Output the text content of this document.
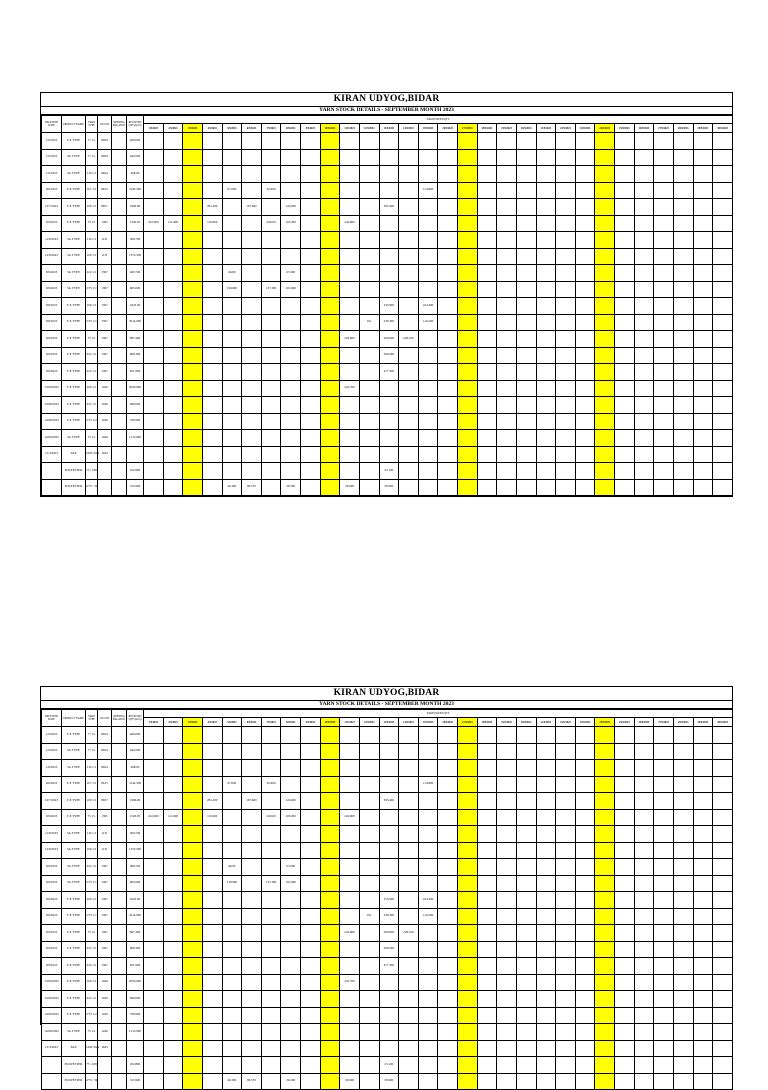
KIRAN UDYOG,BIDAR
YARN STOCK DETAILS - SEPTEMBER MONTH 2023
RECEIVED DATE	PRODUCT NAME	YARN TYPE	LOT NO	OPENING BALANCE	RECEIVED QTY (KGS)	YARN ISSUED QTY																													
						1/9/2023	2/9/2023	3/9/2023	4/9/2023	5/9/2023	6/9/2023	7/9/2023	8/9/2023	9/9/2023	10/9/2023	11/9/2023	12/9/2023	13/9/2023	14/9/2023	15/9/2023	16/9/2023	17/9/2023	18/9/2023	19/9/2023	20/9/2023	21/9/2023	22/9/2023	23/9/2023	24/9/2023	25/9/2023	26/9/2023	27/9/2023	28/9/2023	29/9/2023	30/9/2023
1/6/2023	F-E TYPE	77 1/1	8024		409.000																														
1/6/2023	SG TYPE	77 1/1	8024		442.000																														
1/6/2023	SG TYPE	116 1/1	8024		408.00																														
9/6/2023	F-E TYPE	107 1/1	8615		3142.500					97.000		56.900								114.800															
10/7/2023	F-E TYPE	100 1/1	8657		1996.00				281.200		197.600		122.600					395.400																	
9/9/2023	F-E TYPE	75 1/1	1395		1520.05	222.900	111.900		119.900			269.00	103.200			224.900																			
11/8/2023	SG TYPE	116 1/1	1131		500.700																														
12/8/2023	SG TYPE	100 1/1	1131		1372.500																														
9/9/2023	SG TYPE	222 1/1	1397		409.700					46.00			67.600																						
9/9/2023	SG TYPE	2/75 1/1	1397		605.600					139.600		137.300	101.900																						
9/9/2023	F-E TYPE	100 1/1	1397		2222.00													333.900		224.300															
9/9/2023	F-E TYPE	2/75 1/1	1397		3514.000												161	239.300		110.200															
9/9/2023	F-E TYPE	75 1/1	1397		897.400											224.900		269.600	229.100																
9/9/2023	F-E TYPE	222 1/1	1397		609.300													299.200																	
9/9/2023	F-E TYPE	222 1/1	1397		951.900													477.300																	
13/09/2023	F-E TYPE	100 1/1	1426		2050.600											222.700																			
13/09/2023	F-E TYPE	222 1/1	1426		990.000																														
14/09/2023	F-E TYPE	2/75 1/2	1426		799.900																														
14/09/2023	SG TYPE	75 1/1	1426		1513.900																														
15/3/2023	TAX	1000 TAX	1643																																
	POLYESTER	75 / 108			252.800													23.100																	
	POLYESTER	2/75 / 34			315.900					46.300	99.570		39.200			29.900		39.900																	
KIRAN UDYOG,BIDAR
YARN STOCK DETAILS - SEPTEMBER MONTH 2023
RECEIVED DATE	PRODUCT NAME	YARN TYPE	LOT NO	OPENING BALANCE	RECEIVED QTY (KGS)	YARN ISSUED QTY																													
						1/9/2023	2/9/2023	3/9/2023	4/9/2023	5/9/2023	6/9/2023	7/9/2023	8/9/2023	9/9/2023	10/9/2023	11/9/2023	12/9/2023	13/9/2023	14/9/2023	15/9/2023	16/9/2023	17/9/2023	18/9/2023	19/9/2023	20/9/2023	21/9/2023	22/9/2023	23/9/2023	24/9/2023	25/9/2023	26/9/2023	27/9/2023	28/9/2023	29/9/2023	30/9/2023
1/6/2023	F-E TYPE	77 1/1	8024		409.000																														
1/6/2023	SG TYPE	77 1/1	8024		442.000																														
1/6/2023	SG TYPE	116 1/1	8024		408.00																														
9/6/2023	F-E TYPE	107 1/1	8615		3142.500					97.000		56.900								114.800															
10/7/2023	F-E TYPE	100 1/1	8657		1996.00				281.200		197.600		122.600					395.400																	
9/9/2023	F-E TYPE	75 1/1	1395		1520.05	222.900	111.900		119.900			269.00	103.200			224.900																			
11/8/2023	SG TYPE	116 1/1	1131		500.700																														
12/8/2023	SG TYPE	100 1/1	1131		1372.500																														
9/9/2023	SG TYPE	222 1/1	1397		409.700					46.00			67.600																						
9/9/2023	SG TYPE	2/75 1/1	1397		605.600					139.600		137.300	101.900																						
9/9/2023	F-E TYPE	100 1/1	1397		2222.00													333.900		224.300															
9/9/2023	F-E TYPE	2/75 1/1	1397		3514.000												161	239.300		110.200															
9/9/2023	F-E TYPE	75 1/1	1397		897.400											224.900		269.600	229.100																
9/9/2023	F-E TYPE	222 1/1	1397		609.300													299.200																	
9/9/2023	F-E TYPE	222 1/1	1397		951.900													477.300																	
13/09/2023	F-E TYPE	100 1/1	1426		2050.600											222.700																			
13/09/2023	F-E TYPE	222 1/1	1426		990.000																														
14/09/2023	F-E TYPE	2/75 1/2	1426		799.900																														
14/09/2023	SG TYPE	75 1/1	1426		1513.900																														
15/3/2023	TAX	1000 TAX	1643																																
	POLYESTER	75 / 108			252.800													23.100																	
	POLYESTER	2/75 / 34			315.900					46.300	99.570		39.200			29.900		39.900																	
